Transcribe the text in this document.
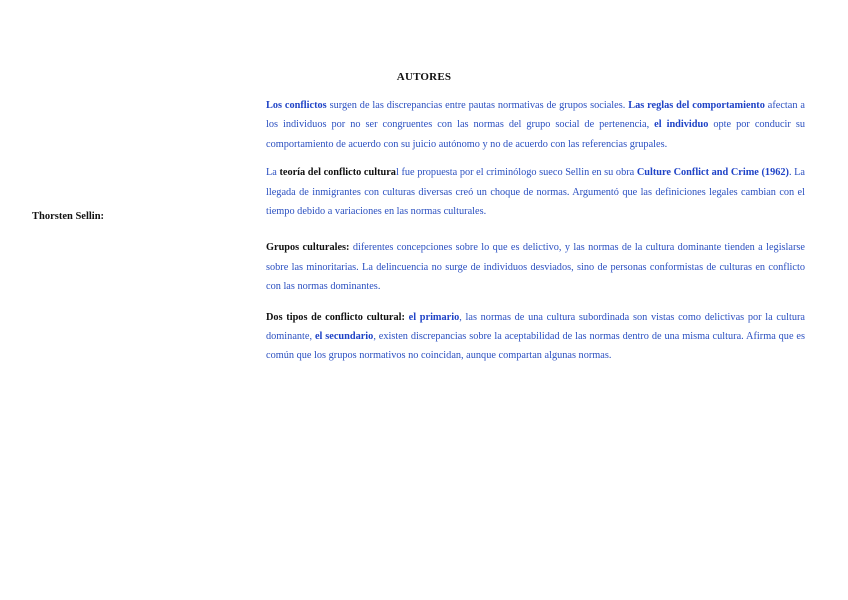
AUTORES
Thorsten Sellin:

Los conflictos surgen de las discrepancias entre pautas normativas de grupos sociales. Las reglas del comportamiento afectan a los individuos por no ser congruentes con las normas del grupo social de pertenencia, el individuo opte por conducir su comportamiento de acuerdo con su juicio autónomo y no de acuerdo con las referencias grupales.

La teoría del conflicto cultural fue propuesta por el criminólogo sueco Sellin en su obra Culture Conflict and Crime (1962). La llegada de inmigrantes con culturas diversas creó un choque de normas. Argumentó que las definiciones legales cambian con el tiempo debido a variaciones en las normas culturales.

Grupos culturales: diferentes concepciones sobre lo que es delictivo, y las normas de la cultura dominante tienden a legislarse sobre las minoritarias. La delincuencia no surge de individuos desviados, sino de personas conformistas de culturas en conflicto con las normas dominantes.

Dos tipos de conflicto cultural: el primario, las normas de una cultura subordinada son vistas como delictivas por la cultura dominante, el secundario, existen discrepancias sobre la aceptabilidad de las normas dentro de una misma cultura. Afirma que es común que los grupos normativos no coincidan, aunque compartan algunas normas.
